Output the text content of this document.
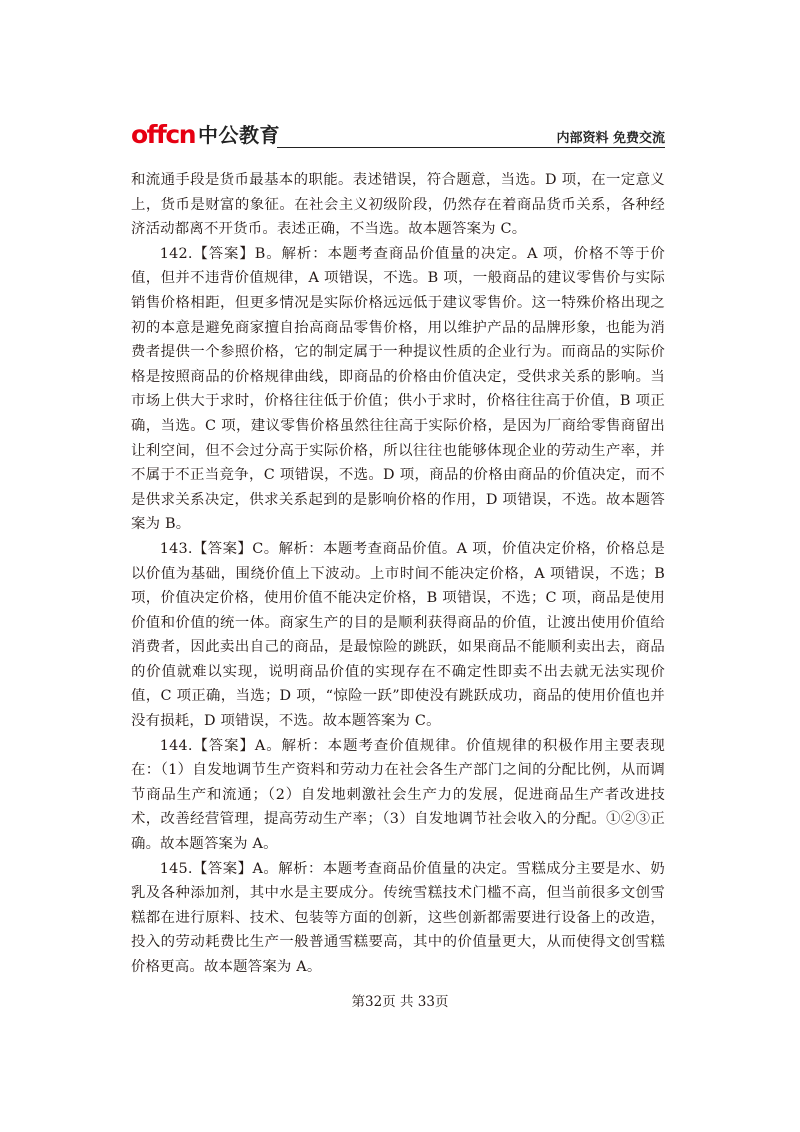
offcn 中公教育	内部资料 免费交流

和流通手段是货币最基本的职能。表述错误，符合题意，当选。D 项，在一定意义上，货币是财富的象征。在社会主义初级阶段，仍然存在着商品货币关系，各种经济活动都离不开货币。表述正确，不当选。故本题答案为 C。

142.【答案】B。解析：本题考查商品价值量的决定。A 项，价格不等于价值，但并不违背价值规律，A 项错误，不选。B 项，一般商品的建议零售价与实际销售价格相距，但更多情况是实际价格远远低于建议零售价。这一特殊价格出现之初的本意是避免商家擅自抬高商品零售价格，用以维护产品的品牌形象，也能为消费者提供一个参照价格，它的制定属于一种提议性质的企业行为。而商品的实际价格是按照商品的价格规律曲线，即商品的价格由价值决定，受供求关系的影响。当市场上供大于求时，价格往往低于价值；供小于求时，价格往往高于价值，B 项正确，当选。C 项，建议零售价格虽然往往高于实际价格，是因为厂商给零售商留出让利空间，但不会过分高于实际价格，所以往往也能够体现企业的劳动生产率，并不属于不正当竞争，C 项错误，不选。D 项，商品的价格由商品的价值决定，而不是供求关系决定，供求关系起到的是影响价格的作用，D 项错误，不选。故本题答案为 B。

143.【答案】C。解析：本题考查商品价值。A 项，价值决定价格，价格总是以价值为基础，围绕价值上下波动。上市时间不能决定价格，A 项错误，不选；B 项，价值决定价格，使用价值不能决定价格，B 项错误，不选；C 项，商品是使用价值和价值的统一体。商家生产的目的是顺利获得商品的价值，让渡出使用价值给消费者，因此卖出自己的商品，是最惊险的跳跃，如果商品不能顺利卖出去，商品的价值就难以实现，说明商品价值的实现存在不确定性即卖不出去就无法实现价值，C 项正确，当选；D 项，“惊险一跃”即使没有跳跃成功，商品的使用价值也并没有损耗，D 项错误，不选。故本题答案为 C。

144.【答案】A。解析：本题考查价值规律。价值规律的积极作用主要表现在：（1）自发地调节生产资料和劳动力在社会各生产部门之间的分配比例，从而调节商品生产和流通；（2）自发地刺激社会生产力的发展，促进商品生产者改进技术，改善经营管理，提高劳动生产率；（3）自发地调节社会收入的分配。①②③正确。故本题答案为 A。

145.【答案】A。解析：本题考查商品价值量的决定。雪糕成分主要是水、奶乳及各种添加剂，其中水是主要成分。传统雪糕技术门槛不高，但当前很多文创雪糕都在进行原料、技术、包装等方面的创新，这些创新都需要进行设备上的改造，投入的劳动耗费比生产一般普通雪糕要高，其中的价值量更大，从而使得文创雪糕价格更高。故本题答案为 A。

第32页 共 33页
